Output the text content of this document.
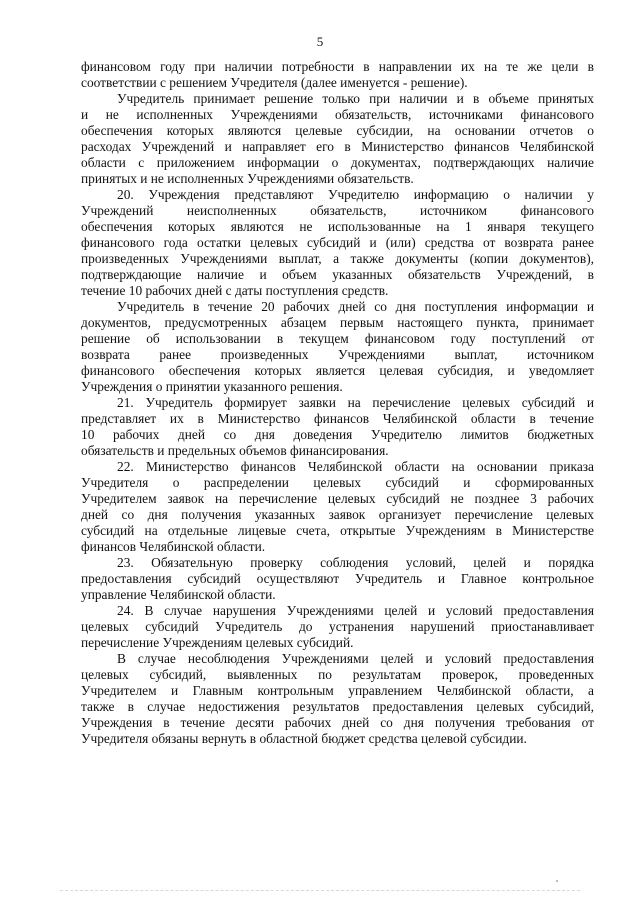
5
финансовом году при наличии потребности в направлении их на те же цели в
соответствии с решением Учредителя (далее именуется - решение).
Учредитель принимает решение только при наличии и в объеме принятых
и не исполненных Учреждениями обязательств, источниками финансового
обеспечения которых являются целевые субсидии, на основании отчетов о
расходах Учреждений и направляет его в Министерство финансов Челябинской
области с приложением информации о документах, подтверждающих наличие
принятых и не исполненных Учреждениями обязательств.
20. Учреждения представляют Учредителю информацию о наличии у
Учреждений неисполненных обязательств, источником финансового
обеспечения которых являются не использованные на 1 января текущего
финансового года остатки целевых субсидий и (или) средства от возврата ранее
произведенных Учреждениями выплат, а также документы (копии документов),
подтверждающие наличие и объем указанных обязательств Учреждений, в
течение 10 рабочих дней с даты поступления средств.
Учредитель в течение 20 рабочих дней со дня поступления информации и
документов, предусмотренных абзацем первым настоящего пункта, принимает
решение об использовании в текущем финансовом году поступлений от
возврата ранее произведенных Учреждениями выплат, источником
финансового обеспечения которых является целевая субсидия, и уведомляет
Учреждения о принятии указанного решения.
21. Учредитель формирует заявки на перечисление целевых субсидий и
представляет их в Министерство финансов Челябинской области в течение
10 рабочих дней со дня доведения Учредителю лимитов бюджетных
обязательств и предельных объемов финансирования.
22. Министерство финансов Челябинской области на основании приказа
Учредителя о распределении целевых субсидий и сформированных
Учредителем заявок на перечисление целевых субсидий не позднее 3 рабочих
дней со дня получения указанных заявок организует перечисление целевых
субсидий на отдельные лицевые счета, открытые Учреждениям в Министерстве
финансов Челябинской области.
23. Обязательную проверку соблюдения условий, целей и порядка
предоставления субсидий осуществляют Учредитель и Главное контрольное
управление Челябинской области.
24. В случае нарушения Учреждениями целей и условий предоставления
целевых субсидий Учредитель до устранения нарушений приостанавливает
перечисление Учреждениям целевых субсидий.
В случае несоблюдения Учреждениями целей и условий предоставления
целевых субсидий, выявленных по результатам проверок, проведенных
Учредителем и Главным контрольным управлением Челябинской области, а
также в случае недостижения результатов предоставления целевых субсидий,
Учреждения в течение десяти рабочих дней со дня получения требования от
Учредителя обязаны вернуть в областной бюджет средства целевой субсидии.
